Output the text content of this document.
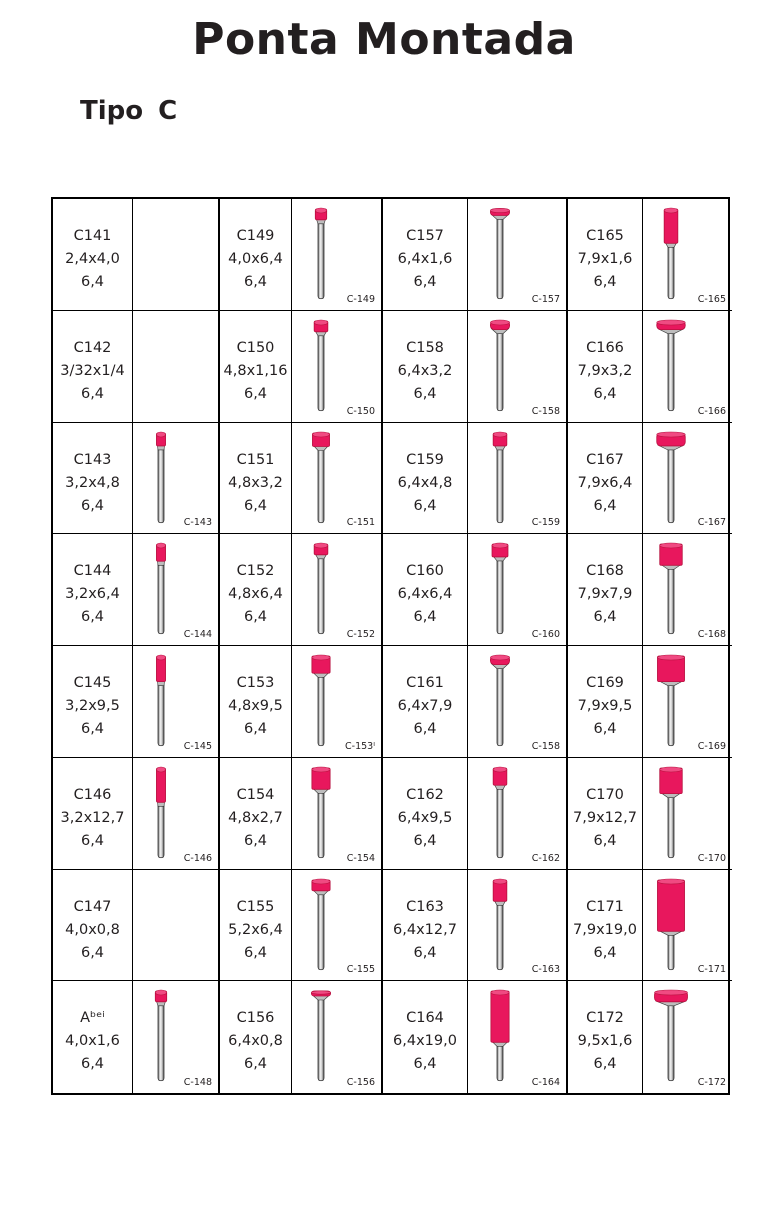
Ponta Montada
Tipo C
C141
2,4x4,0
6,4
C149
4,0x6,4
6,4
C-149
C157
6,4x1,6
6,4
C-157
C165
7,9x1,6
6,4
C-165
C142
3/32x1/4
6,4
C150
4,8x1,16
6,4
C-150
C158
6,4x3,2
6,4
C-158
C166
7,9x3,2
6,4
C-166
C143
3,2x4,8
6,4
C-143
C151
4,8x3,2
6,4
C-151
C159
6,4x4,8
6,4
C-159
C167
7,9x6,4
6,4
C-167
C144
3,2x6,4
6,4
C-144
C152
4,8x6,4
6,4
C-152
C160
6,4x6,4
6,4
C-160
C168
7,9x7,9
6,4
C-168
C145
3,2x9,5
6,4
C-145
C153
4,8x9,5
6,4
C-153ᴵ
C161
6,4x7,9
6,4
C-158
C169
7,9x9,5
6,4
C-169
C146
3,2x12,7
6,4
C-146
C154
4,8x2,7
6,4
C-154
C162
6,4x9,5
6,4
C-162
C170
7,9x12,7
6,4
C-170
C147
4,0x0,8
6,4
C155
5,2x6,4
6,4
C-155
C163
6,4x12,7
6,4
C-163
C171
7,9x19,0
6,4
C-171
Aᵇᵉⁱ
4,0x1,6
6,4
C-148
C156
6,4x0,8
6,4
C-156
C164
6,4x19,0
6,4
C-164
C172
9,5x1,6
6,4
C-172
